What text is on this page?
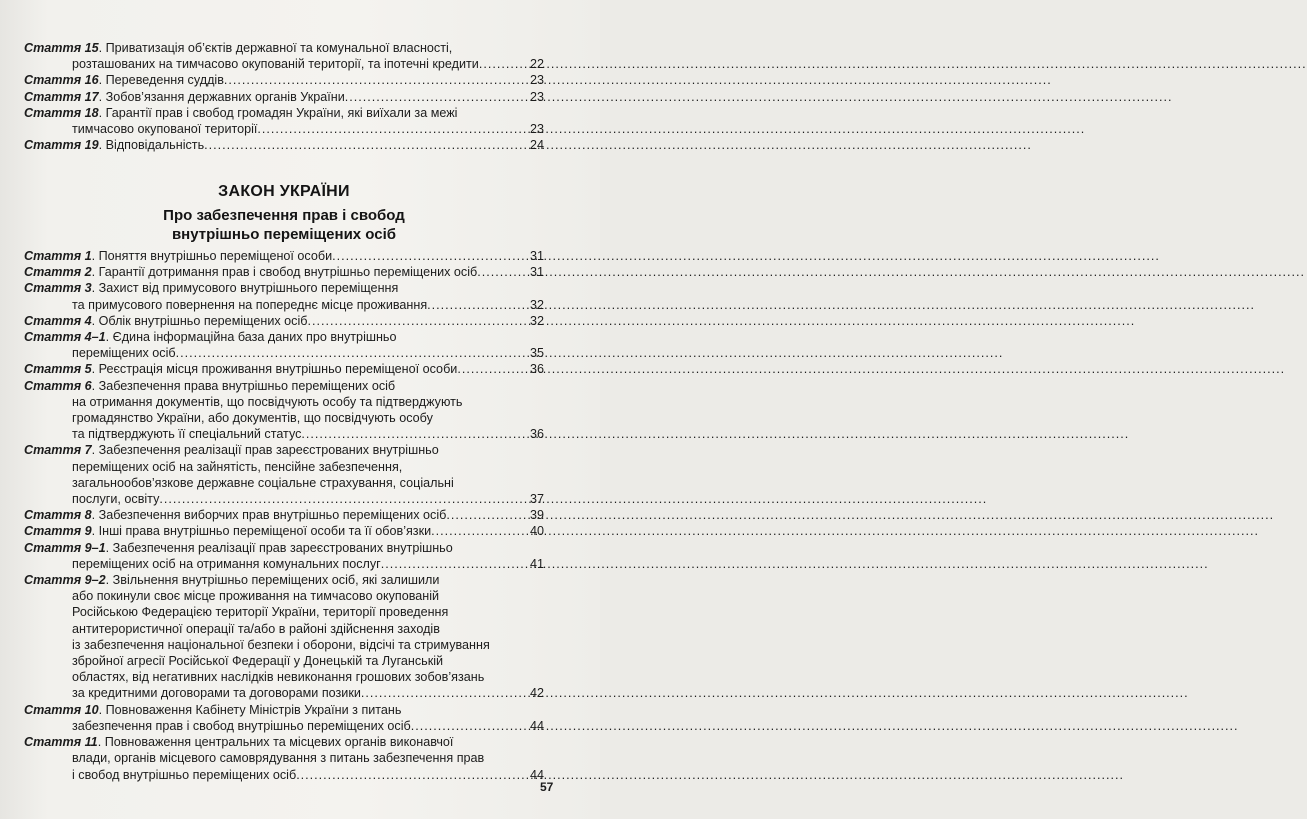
Стаття 15. Приватизація об’єктів державної та комунальної власності,
розташованих на тимчасово окупованій території, та іпотечні кредити .....	22
Стаття 16. Переведення суддів .....	23
Стаття 17. Зобов’язання державних органів України .....	23
Стаття 18. Гарантії прав і свобод громадян України, які виїхали за межі
тимчасово окупованої території .....	23
Стаття 19. Відповідальність .....	24
ЗАКОН УКРАЇНИ
Про забезпечення прав і свобод
внутрішньо переміщених осіб
Стаття 1. Поняття внутрішньо переміщеної особи .....	31
Стаття 2. Гарантії дотримання прав і свобод внутрішньо переміщених осіб .....	31
Стаття 3. Захист від примусового внутрішнього переміщення
та примусового повернення на попереднє місце проживання .....	32
Стаття 4. Облік внутрішньо переміщених осіб .....	32
Стаття 4–1. Єдина інформаційна база даних про внутрішньо
переміщених осіб .....	35
Стаття 5. Реєстрація місця проживання внутрішньо переміщеної особи .....	36
Стаття 6. Забезпечення права внутрішньо переміщених осіб
на отримання документів, що посвідчують особу та підтверджують
громадянство України, або документів, що посвідчують особу
та підтверджують її спеціальний статус .....	36
Стаття 7. Забезпечення реалізації прав зареєстрованих внутрішньо
переміщених осіб на зайнятість, пенсійне забезпечення,
загальнообов’язкове державне соціальне страхування, соціальні
послуги, освіту .....	37
Стаття 8. Забезпечення виборчих прав внутрішньо переміщених осіб .....	39
Стаття 9. Інші права внутрішньо переміщеної особи та її обов’язки .....	40
Стаття 9–1. Забезпечення реалізації прав зареєстрованих внутрішньо
переміщених осіб на отримання комунальних послуг .....	41
Стаття 9–2. Звільнення внутрішньо переміщених осіб, які залишили
або покинули своє місце проживання на тимчасово окупованій
Російською Федерацією території України, території проведення
антитерористичної операції та/або в районі здійснення заходів
із забезпечення національної безпеки і оборони, відсічі та стримування
збройної агресії Російської Федерації у Донецькій та Луганській
областях, від негативних наслідків невиконання грошових зобов’язань
за кредитними договорами та договорами позики .....	42
Стаття 10. Повноваження Кабінету Міністрів України з питань
забезпечення прав і свобод внутрішньо переміщених осіб .....	44
Стаття 11. Повноваження центральних та місцевих органів виконавчої
влади, органів місцевого самоврядування з питань забезпечення прав
і свобод внутрішньо переміщених осіб .....	44
57
